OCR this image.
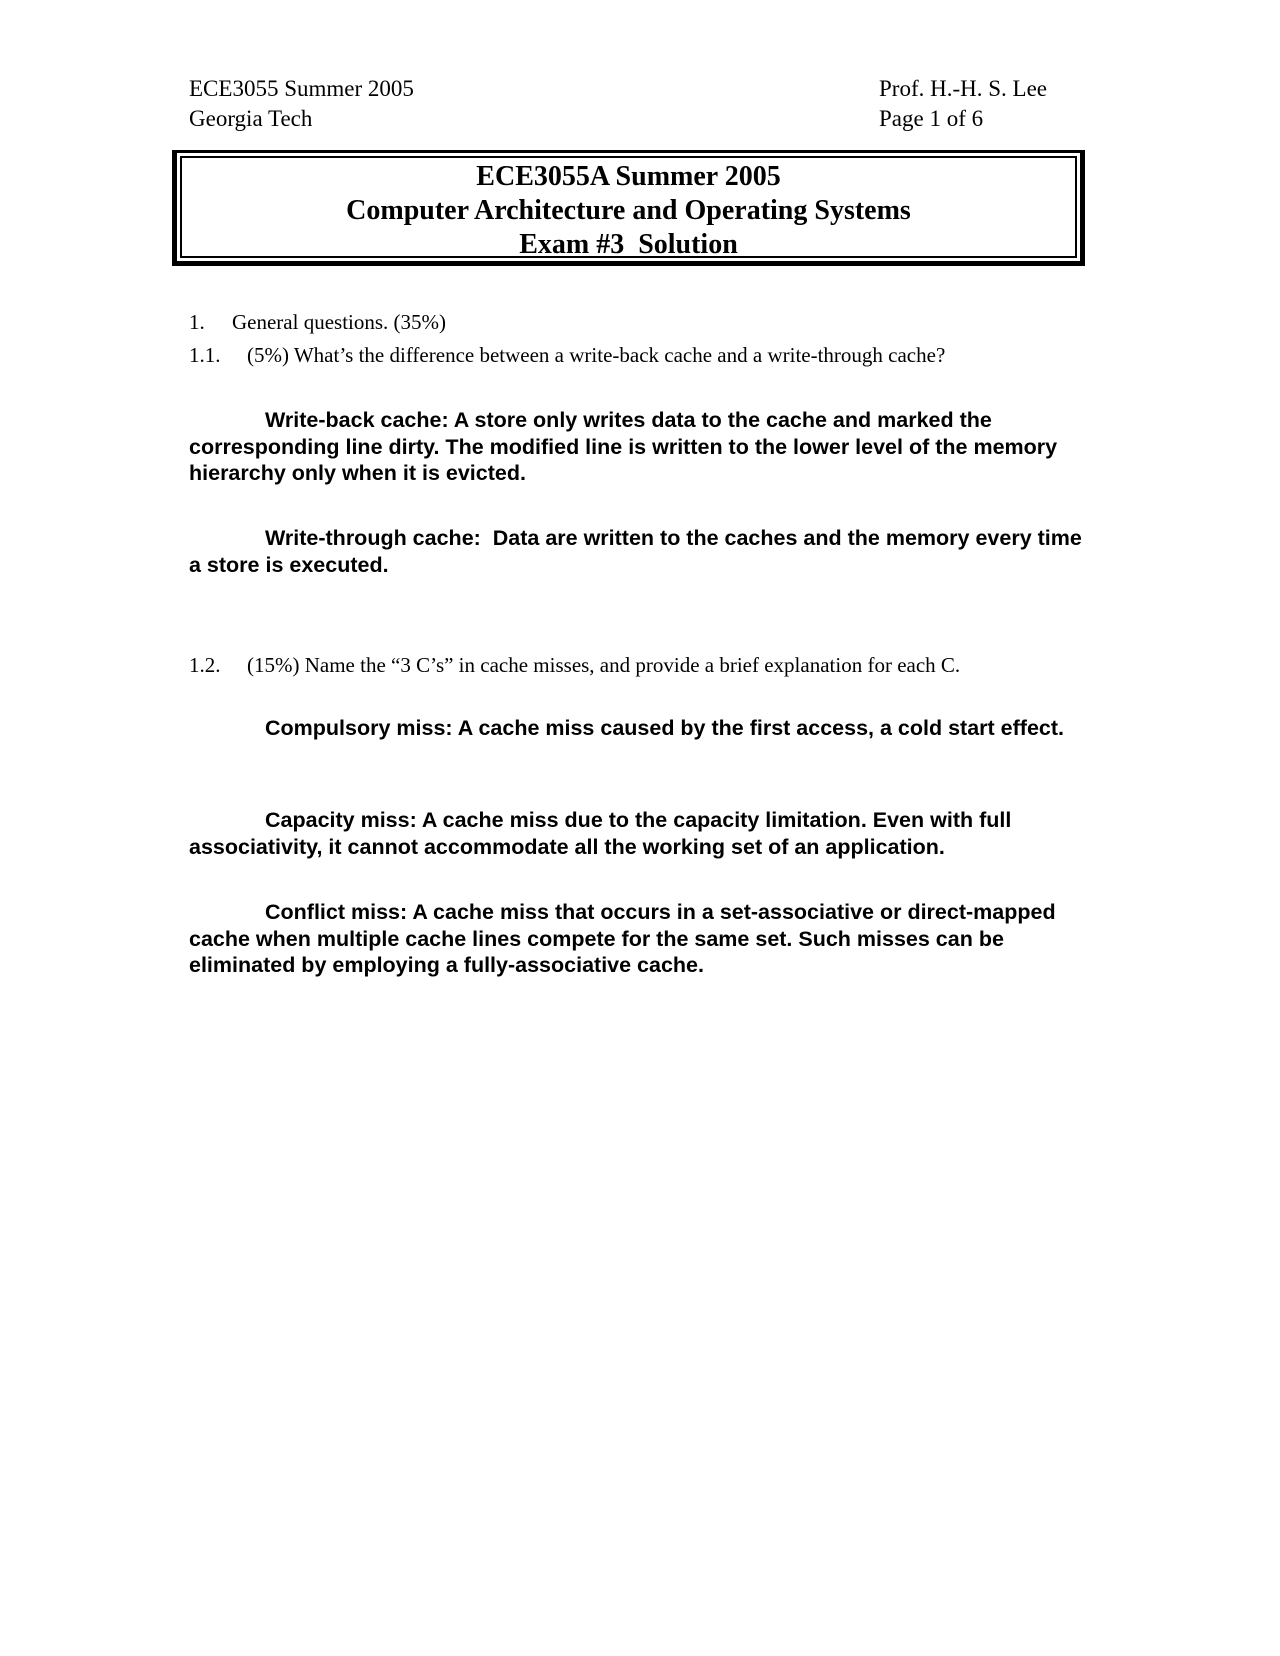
ECE3055 Summer 2005	Prof. H.-H. S. Lee
Georgia Tech	Page 1 of 6
ECE3055A Summer 2005
Computer Architecture and Operating Systems
Exam #3  Solution
1. General questions. (35%)
1.1. (5%) What’s the difference between a write-back cache and a write-through cache?
Write-back cache: A store only writes data to the cache and marked the corresponding line dirty. The modified line is written to the lower level of the memory hierarchy only when it is evicted.
Write-through cache:  Data are written to the caches and the memory every time a store is executed.
1.2. (15%) Name the “3 C’s” in cache misses, and provide a brief explanation for each C.
Compulsory miss: A cache miss caused by the first access, a cold start effect.
Capacity miss: A cache miss due to the capacity limitation. Even with full associativity, it cannot accommodate all the working set of an application.
Conflict miss: A cache miss that occurs in a set-associative or direct-mapped cache when multiple cache lines compete for the same set. Such misses can be eliminated by employing a fully-associative cache.
